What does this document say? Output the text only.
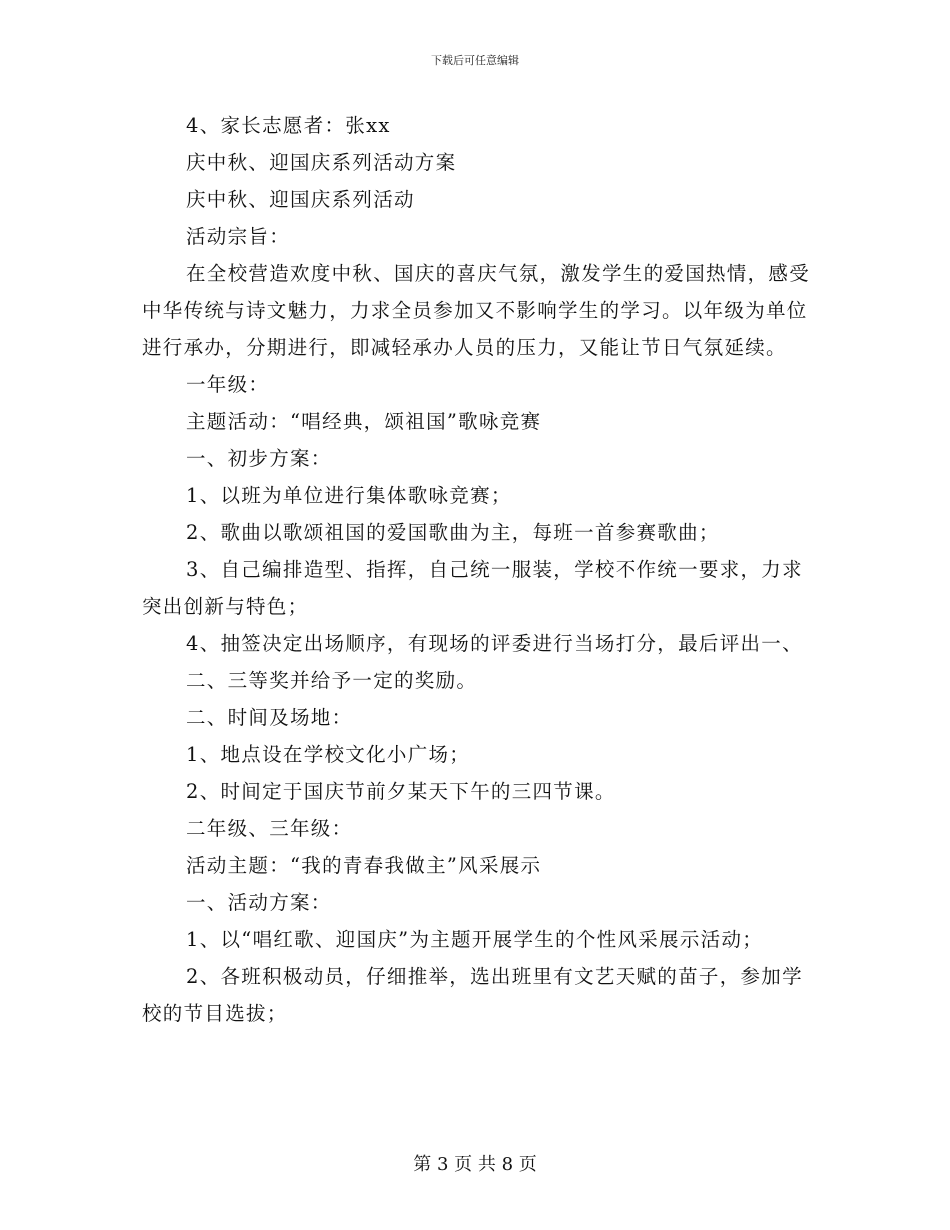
下载后可任意编辑

4、家长志愿者：张xx

庆中秋、迎国庆系列活动方案

庆中秋、迎国庆系列活动

活动宗旨：

在全校营造欢度中秋、国庆的喜庆气氛，激发学生的爱国热情，感受中华传统与诗文魅力，力求全员参加又不影响学生的学习。以年级为单位进行承办，分期进行，即减轻承办人员的压力，又能让节日气氛延续。

一年级：

主题活动：“唱经典，颂祖国”歌咏竞赛

一、初步方案：

1、以班为单位进行集体歌咏竞赛；

2、歌曲以歌颂祖国的爱国歌曲为主，每班一首参赛歌曲；

3、自己编排造型、指挥，自己统一服装，学校不作统一要求，力求突出创新与特色；

4、抽签决定出场顺序，有现场的评委进行当场打分，最后评出一、

二、三等奖并给予一定的奖励。

二、时间及场地：

1、地点设在学校文化小广场；

2、时间定于国庆节前夕某天下午的三四节课。

二年级、三年级：

活动主题：“我的青春我做主”风采展示

一、活动方案：

1、以“唱红歌、迎国庆”为主题开展学生的个性风采展示活动；

2、各班积极动员，仔细推举，选出班里有文艺天赋的苗子，参加学校的节目选拔；

第 3 页 共 8 页
